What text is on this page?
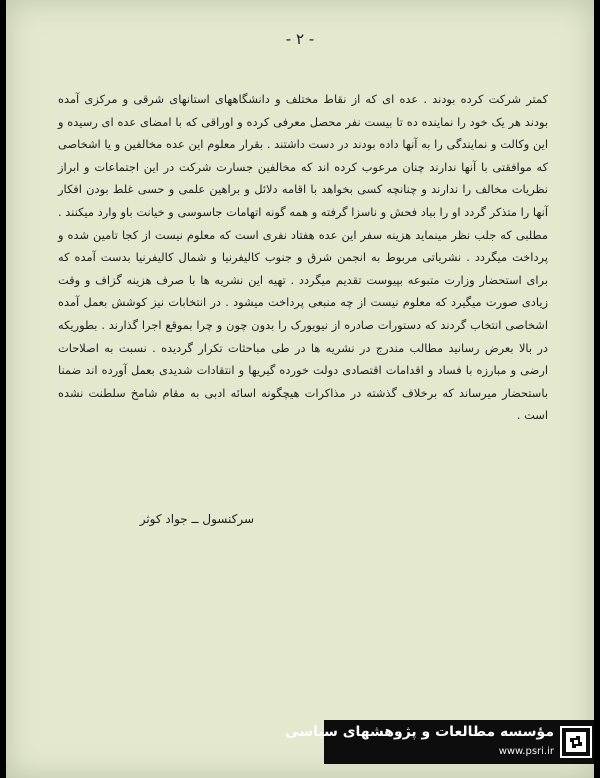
- ۲ -

کمتر شرکت کرده بودند . عده ای که از نقاط مختلف و دانشگاههای استانهای شرقی و مرکزی آمده بودند هر یک خود را نماینده ده تا بیست نفر محصل معرفی کرده و اوراقی که با امضای عده ای رسیده و این وکالت و نمایندگی را به آنها داده بودند در دست داشتند . بقرار معلوم این عده مخالفین و یا اشخاصی که موافقتی با آنها ندارند چنان مرعوب کرده اند که مخالفین جسارت شرکت در این اجتماعات و ابراز نظریات مخالف را ندارند و چنانچه کسی بخواهد با اقامه دلائل و براهین علمی و حسی غلط بودن افکار آنها را متذکر گردد او را بباد فحش و ناسزا گرفته و همه گونه اتهامات جاسوسی و خیانت باو وارد میکنند . مطلبی که جلب نظر مینماید هزینه سفر این عده هفتاد نفری است که معلوم نیست از کجا تامین شده و پرداخت میگردد . نشریاتی مربوط به انجمن شرق و جنوب کالیفرنیا و شمال کالیفرنیا بدست آمده که برای استحضار وزارت متبوعه بپیوست تقدیم میگردد . تهیه این نشریه ها با صرف هزینه گزاف و وقت زیادی صورت میگیرد که معلوم نیست از چه منبعی پرداخت میشود . در انتخابات نیز کوشش بعمل آمده اشخاصی انتخاب گردند که دستورات صادره از نیویورک را بدون چون و چرا بموقع اجرا گذارند . بطوریکه در بالا بعرض رسانید مطالب مندرج در نشریه ها در طی مباحثات تکرار گردیده . نسبت به اصلاحات ارضی و مبارزه با فساد و اقدامات اقتصادی دولت خورده گیریها و انتقادات شدیدی بعمل آورده اند ضمنا باستحضار میرساند که برخلاف گذشته در مذاکرات هیچگونه اسائه ادبی به مقام شامخ سلطنت نشده است .

سرکنسول ــ جواد کوثر
مؤسسه مطالعات و پژوهشهای سیاسی
www.psri.ir
